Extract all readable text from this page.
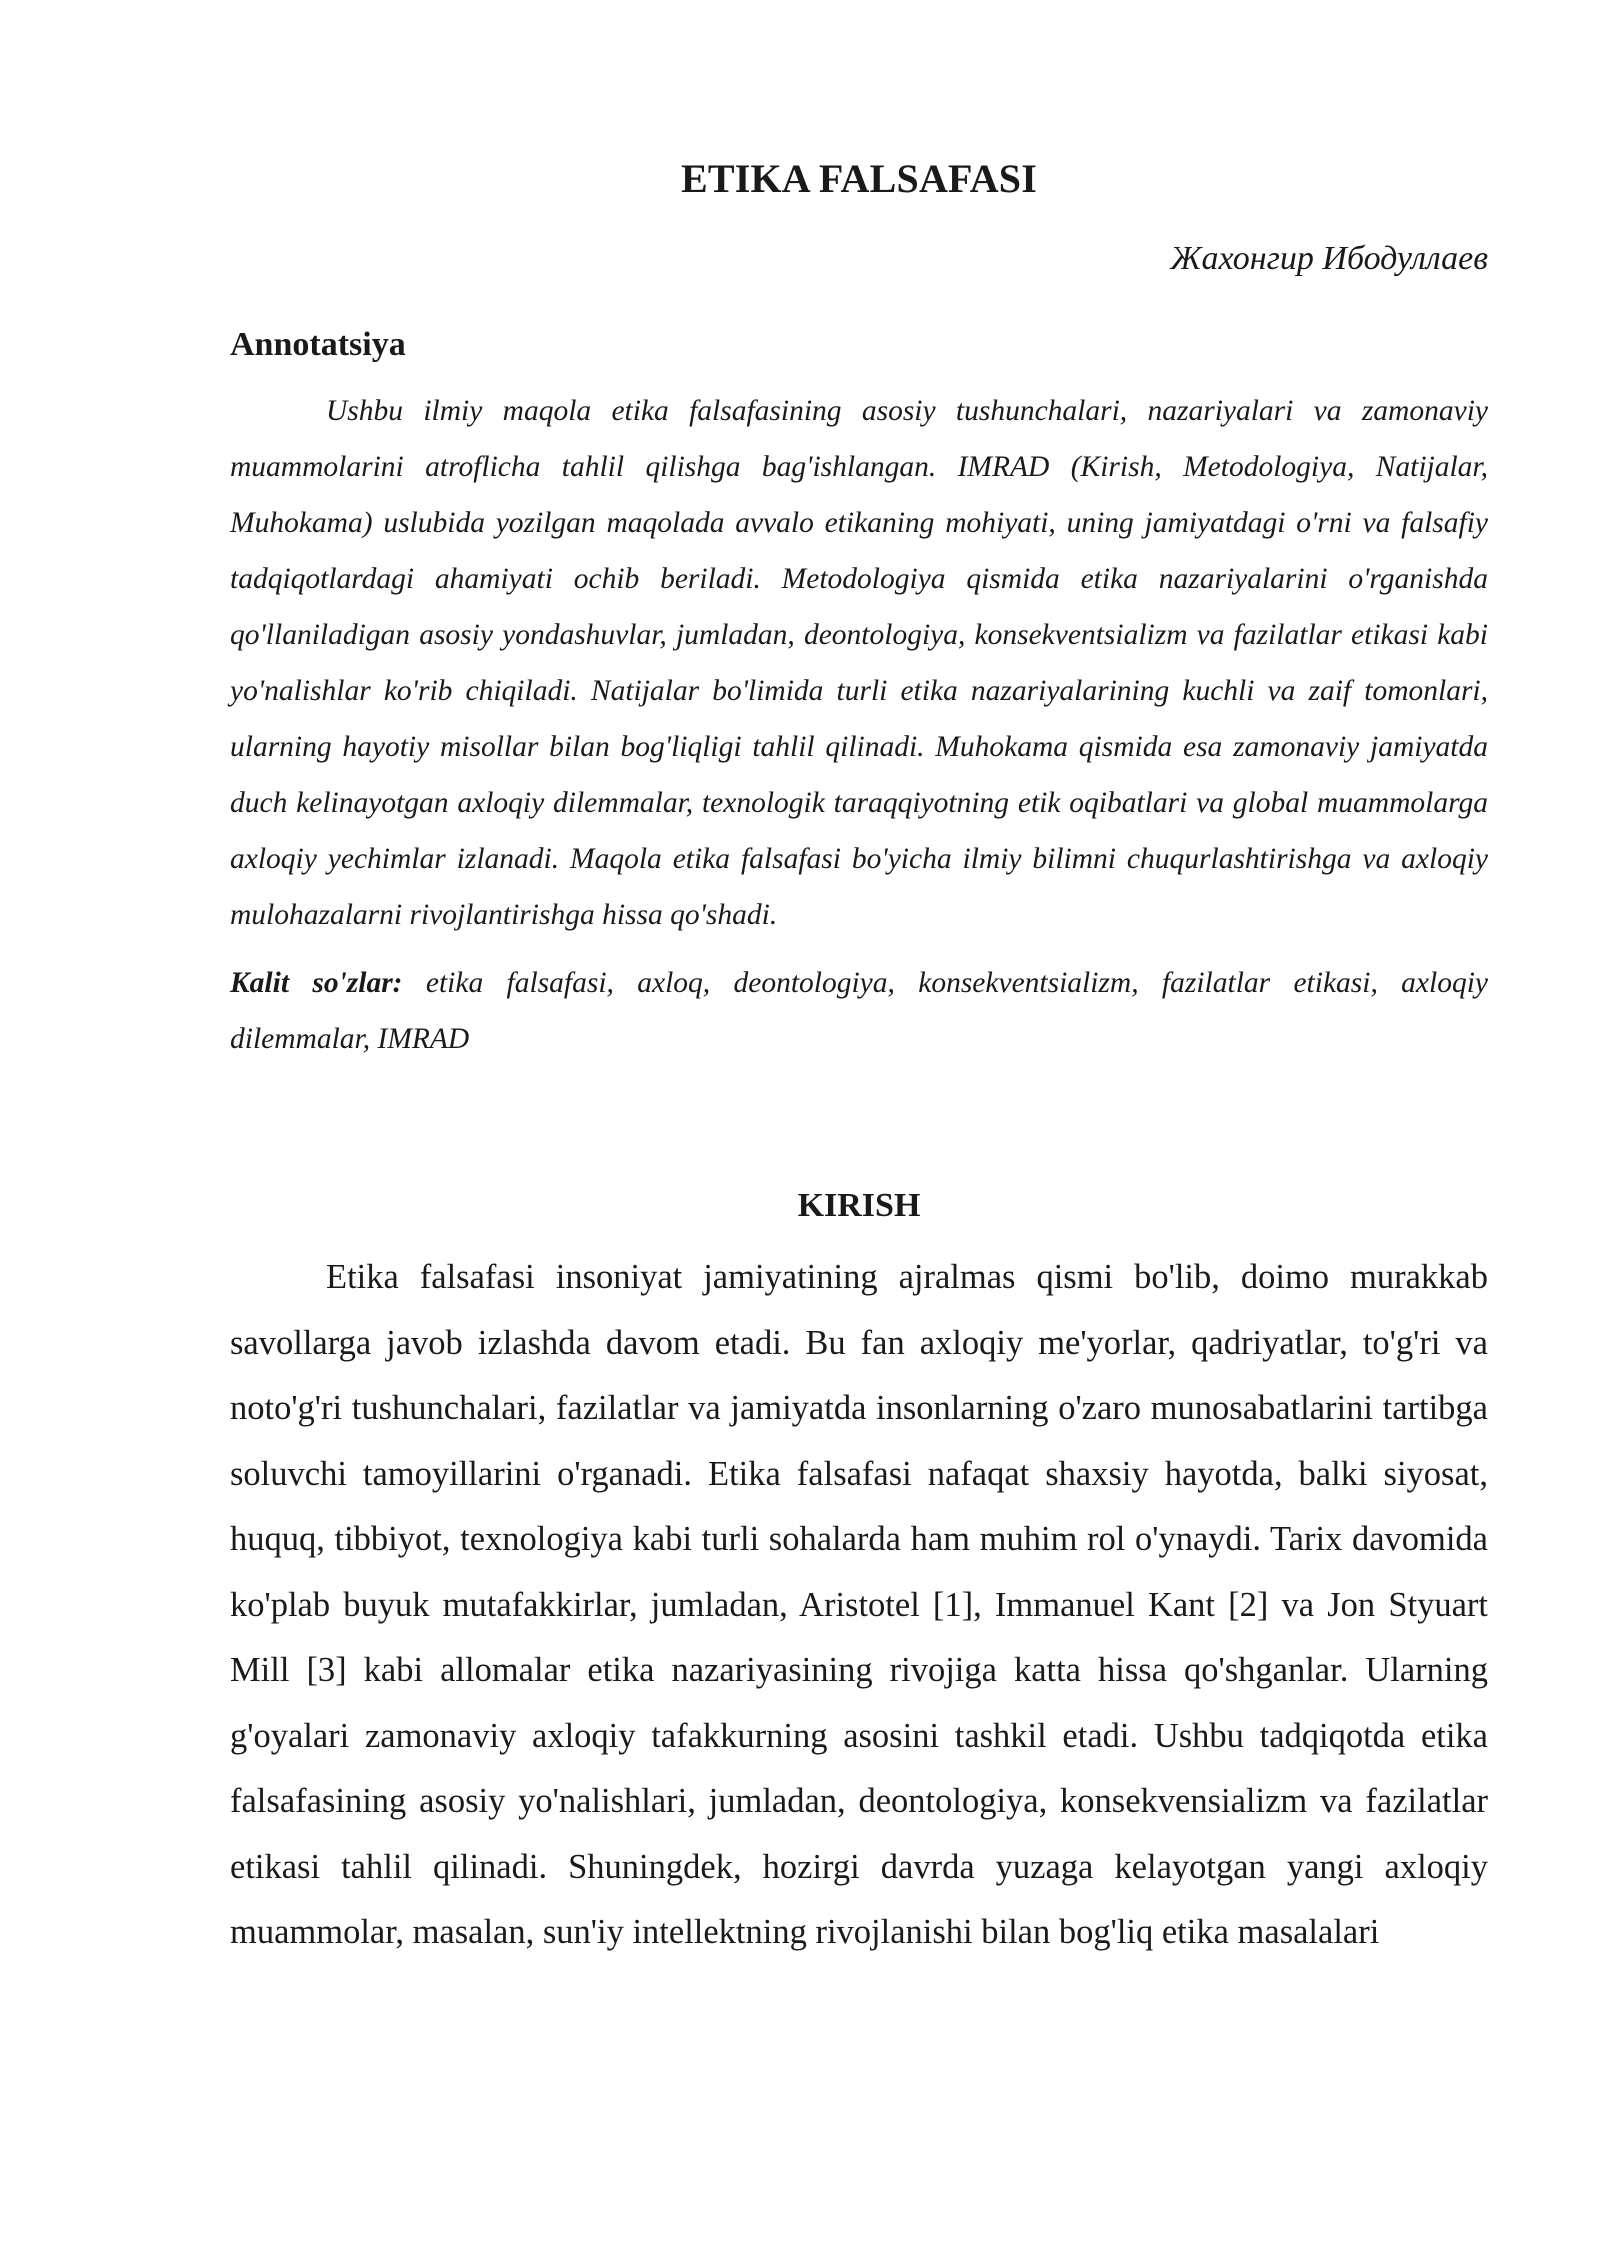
ETIKA FALSAFASI
Жахонгир Ибодуллаев
Annotatsiya

Ushbu ilmiy maqola etika falsafasining asosiy tushunchalari, nazariyalari va zamonaviy muammolarini atroflicha tahlil qilishga bag'ishlangan. IMRAD (Kirish, Metodologiya, Natijalar, Muhokama) uslubida yozilgan maqolada avvalo etikaning mohiyati, uning jamiyatdagi o'rni va falsafiy tadqiqotlardagi ahamiyati ochib beriladi. Metodologiya qismida etika nazariyalarini o'rganishda qo'llaniladigan asosiy yondashuvlar, jumladan, deontologiya, konsekventsializm va fazilatlar etikasi kabi yo'nalishlar ko'rib chiqiladi. Natijalar bo'limida turli etika nazariyalarining kuchli va zaif tomonlari, ularning hayotiy misollar bilan bog'liqligi tahlil qilinadi. Muhokama qismida esa zamonaviy jamiyatda duch kelinayotgan axloqiy dilemmalar, texnologik taraqqiyotning etik oqibatlari va global muammolarga axloqiy yechimlar izlanadi. Maqola etika falsafasi bo'yicha ilmiy bilimni chuqurlashtirishga va axloqiy mulohazalarni rivojlantirishga hissa qo'shadi.

Kalit so'zlar: etika falsafasi, axloq, deontologiya, konsekventsializm, fazilatlar etikasi, axloqiy dilemmalar, IMRAD

KIRISH

Etika falsafasi insoniyat jamiyatining ajralmas qismi bo'lib, doimo murakkab savollarga javob izlashda davom etadi. Bu fan axloqiy me'yorlar, qadriyatlar, to'g'ri va noto'g'ri tushunchalari, fazilatlar va jamiyatda insonlarning o'zaro munosabatlarini tartibga soluvchi tamoyillarini o'rganadi. Etika falsafasi nafaqat shaxsiy hayotda, balki siyosat, huquq, tibbiyot, texnologiya kabi turli sohalarda ham muhim rol o'ynaydi. Tarix davomida ko'plab buyuk mutafakkirlar, jumladan, Aristotel [1], Immanuel Kant [2] va Jon Styuart Mill [3] kabi allomalar etika nazariyasining rivojiga katta hissa qo'shganlar. Ularning g'oyalari zamonaviy axloqiy tafakkurning asosini tashkil etadi. Ushbu tadqiqotda etika falsafasining asosiy yo'nalishlari, jumladan, deontologiya, konsekvensializm va fazilatlar etikasi tahlil qilinadi. Shuningdek, hozirgi davrda yuzaga kelayotgan yangi axloqiy muammolar, masalan, sun'iy intellektning rivojlanishi bilan bog'liq etika masalalari
